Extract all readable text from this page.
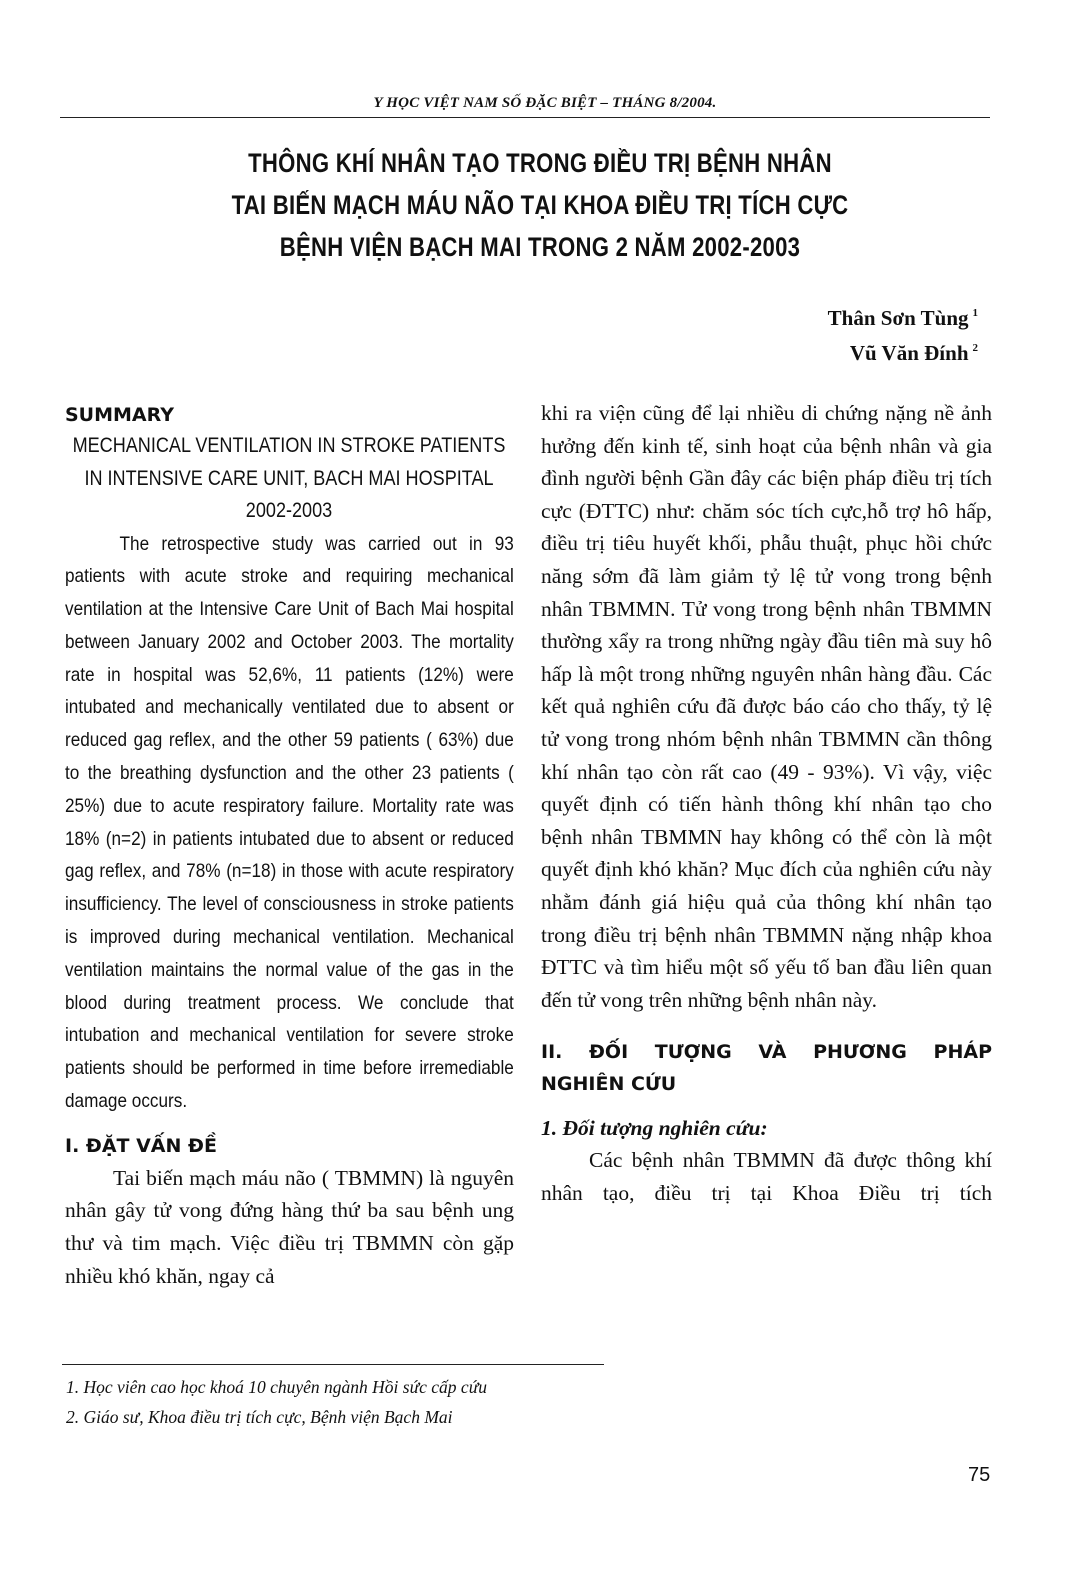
Y HỌC VIỆT NAM SỐ ĐẶC BIỆT – THÁNG 8/2004.
THÔNG KHÍ NHÂN TẠO TRONG ĐIỀU TRỊ BỆNH NHÂN
TAI BIẾN MẠCH MÁU NÃO TẠI KHOA ĐIỀU TRỊ TÍCH CỰC
BỆNH VIỆN BẠCH MAI TRONG 2 NĂM 2002-2003
Thân Sơn Tùng $^1$
Vũ Văn Đính $^2$
SUMMARY
MECHANICAL VENTILATION IN STROKE PATIENTS
IN INTENSIVE CARE UNIT, BACH MAI HOSPITAL
2002-2003

The retrospective study was carried out in 93 patients with acute stroke and requiring mechanical ventilation at the Intensive Care Unit of Bach Mai hospital between January 2002 and October 2003. The mortality rate in hospital was 52,6%, 11 patients (12%) were intubated and mechanically ventilated due to absent or reduced gag reflex, and the other 59 patients ( 63%) due to the breathing dysfunction and the other 23 patients ( 25%) due to acute respiratory failure. Mortality rate was 18% (n=2) in patients intubated due to absent or reduced gag reflex, and 78% (n=18) in those with acute respiratory insufficiency. The level of consciousness in stroke patients is improved during mechanical ventilation. Mechanical ventilation maintains the normal value of the gas in the blood during treatment process. We conclude that intubation and mechanical ventilation for severe stroke patients should be performed in time before irremediable damage occurs.

I. ĐẶT VẤN ĐỀ

Tai biến mạch máu não ( TBMMN) là nguyên nhân gây tử vong đứng hàng thứ ba sau bệnh ung thư và tim mạch. Việc điều trị TBMMN còn gặp nhiều khó khăn, ngay cả

khi ra viện cũng để lại nhiều di chứng nặng nề ảnh hưởng đến kinh tế, sinh hoạt của bệnh nhân và gia đình người bệnh Gần đây các biện pháp điều trị tích cực (ĐTTC) như: chăm sóc tích cực,hỗ trợ hô hấp, điều trị tiêu huyết khối, phẫu thuật, phục hồi chức năng sớm đã làm giảm tỷ lệ tử vong trong bệnh nhân TBMMN. Tử vong trong bệnh nhân TBMMN thường xẩy ra trong những ngày đầu tiên mà suy hô hấp là một trong những nguyên nhân hàng đầu. Các kết quả nghiên cứu đã được báo cáo cho thấy, tỷ lệ tử vong trong nhóm bệnh nhân TBMMN cần thông khí nhân tạo còn rất cao (49 - 93%). Vì vậy, việc quyết định có tiến hành thông khí nhân tạo cho bệnh nhân TBMMN hay không có thể còn là một quyết định khó khăn? Mục đích của nghiên cứu này nhằm đánh giá hiệu quả của thông khí nhân tạo trong điều trị bệnh nhân TBMMN nặng nhập khoa ĐTTC và tìm hiểu một số yếu tố ban đầu liên quan đến tử vong trên những bệnh nhân này.

II. ĐỐI TƯỢNG VÀ PHƯƠNG PHÁP
NGHIÊN CỨU

1. Đối tượng nghiên cứu:

Các bệnh nhân TBMMN đã được thông khí nhân tạo, điều trị tại Khoa Điều trị tích

1. Học viên cao học khoá 10 chuyên ngành Hồi sức cấp cứu
2. Giáo sư, Khoa điều trị tích cực, Bệnh viện Bạch Mai
75
